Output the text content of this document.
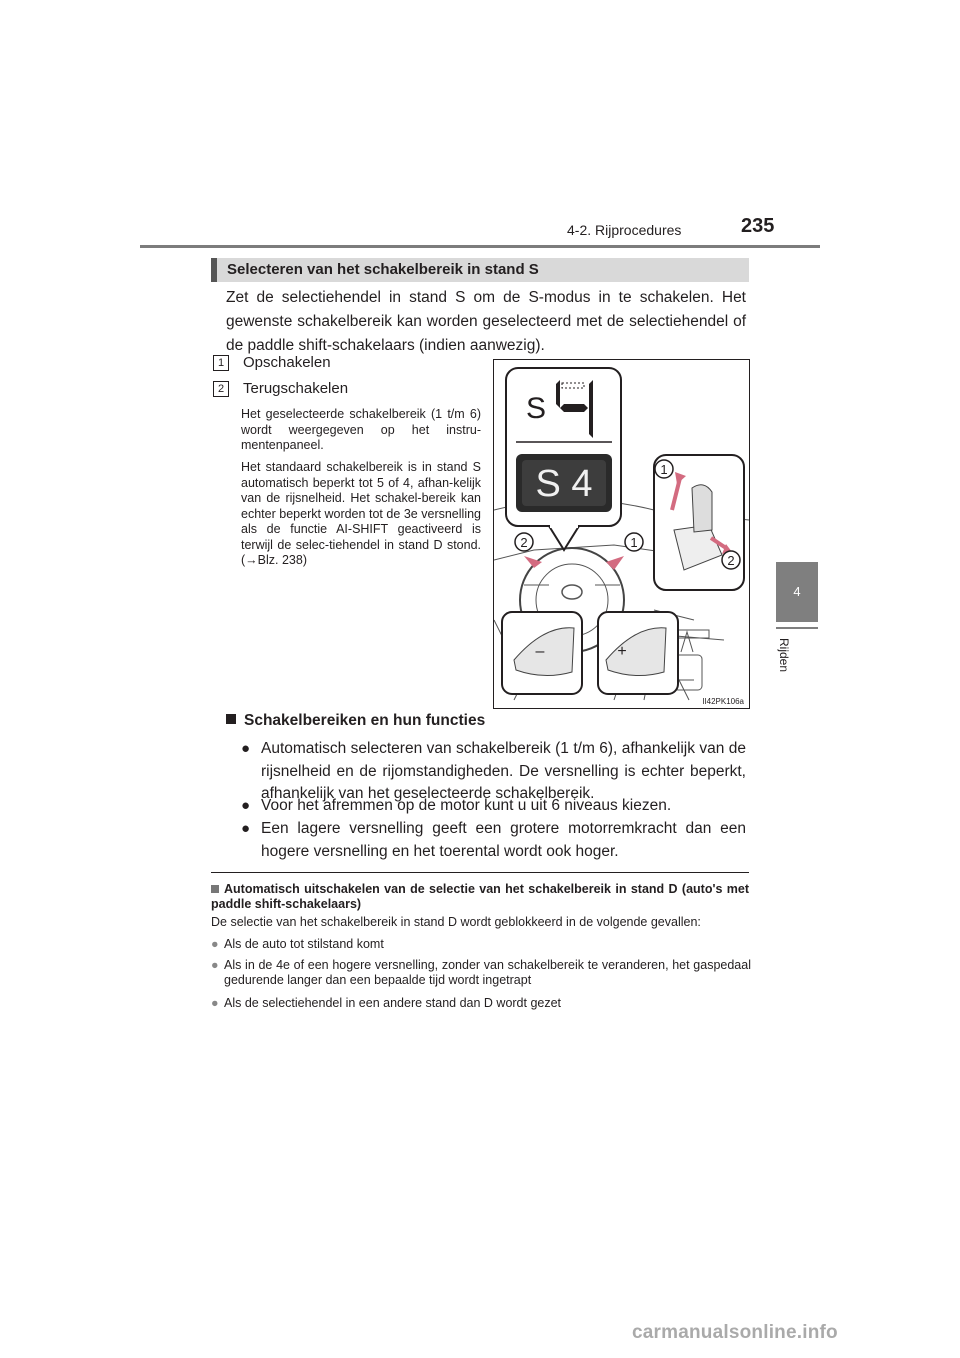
4-2. Rijprocedures	235
4
Rijden
Selecteren van het schakelbereik in stand S
Zet de selectiehendel in stand S om de S-modus in te schakelen. Het gewenste schakelbereik kan worden geselecteerd met de selectiehendel of de paddle shift-schakelaars (indien aanwezig).
1 Opschakelen
2 Terugschakelen
Het geselecteerde schakelbereik (1 t/m 6) wordt weergegeven op het instru-mentenpaneel.
Het standaard schakelbereik is in stand S automatisch beperkt tot 5 of 4, afhan-kelijk van de rijsnelheid. Het schakel-bereik kan echter beperkt worden tot de 3e versnelling als de functie AI-SHIFT geactiveerd is terwijl de selec-tiehendel in stand D stond. (→Blz. 238)
S
S 4	1
2
2	1
–	+
II42PK106a
Schakelbereiken en hun functies
● Automatisch selecteren van schakelbereik (1 t/m 6), afhankelijk van de rijsnelheid en de rijomstandigheden. De versnelling is echter beperkt, afhankelijk van het geselecteerde schakelbereik.
● Voor het afremmen op de motor kunt u uit 6 niveaus kiezen.
● Een lagere versnelling geeft een grotere motorremkracht dan een hogere versnelling en het toerental wordt ook hoger.
Automatisch uitschakelen van de selectie van het schakelbereik in stand D (auto's met paddle shift-schakelaars)
De selectie van het schakelbereik in stand D wordt geblokkeerd in de volgende gevallen:
● Als de auto tot stilstand komt
● Als in de 4e of een hogere versnelling, zonder van schakelbereik te veranderen, het gaspedaal gedurende langer dan een bepaalde tijd wordt ingetrapt
● Als de selectiehendel in een andere stand dan D wordt gezet
carmanualsonline.info
